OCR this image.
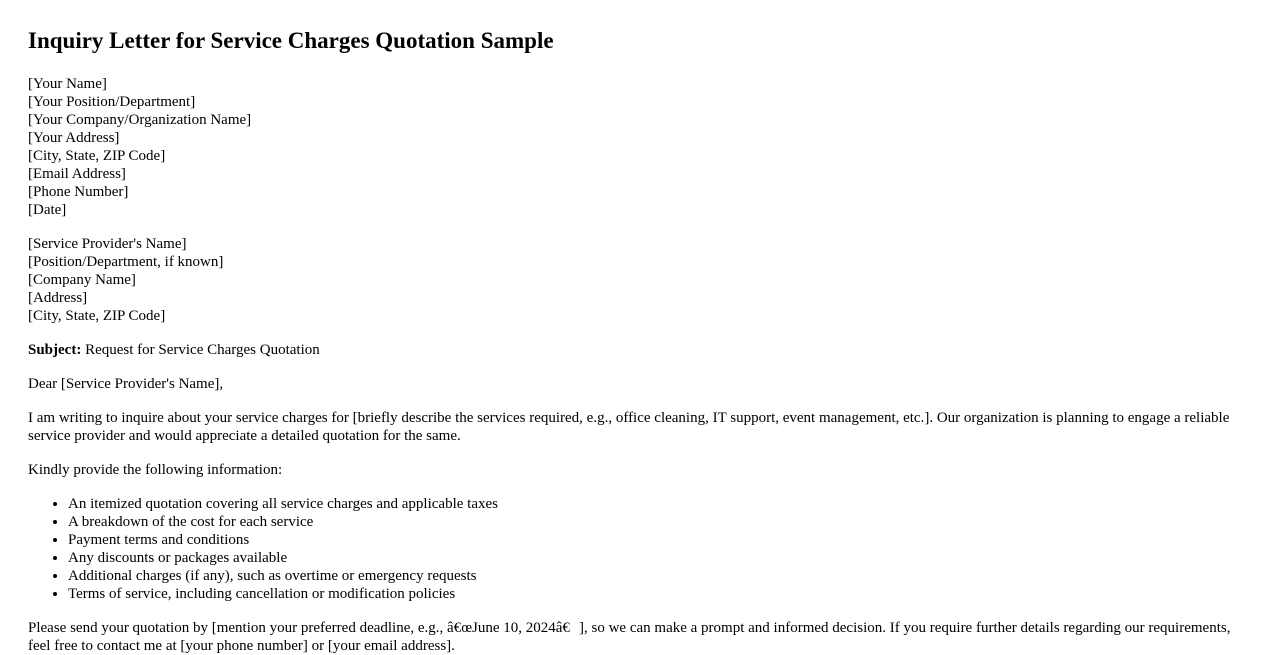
Inquiry Letter for Service Charges Quotation Sample
[Your Name]
[Your Position/Department]
[Your Company/Organization Name]
[Your Address]
[City, State, ZIP Code]
[Email Address]
[Phone Number]
[Date]
[Service Provider's Name]
[Position/Department, if known]
[Company Name]
[Address]
[City, State, ZIP Code]

Subject: Request for Service Charges Quotation

Dear [Service Provider's Name],

I am writing to inquire about your service charges for [briefly describe the services required, e.g., office cleaning, IT support, event management, etc.]. Our organization is planning to engage a reliable service provider and would appreciate a detailed quotation for the same.

Kindly provide the following information:

• An itemized quotation covering all service charges and applicable taxes
• A breakdown of the cost for each service
• Payment terms and conditions
• Any discounts or packages available
• Additional charges (if any), such as overtime or emergency requests
• Terms of service, including cancellation or modification policies

Please send your quotation by [mention your preferred deadline, e.g., â€œJune 10, 2024â€], so we can make a prompt and informed decision. If you require further details regarding our requirements, feel free to contact me at [your phone number] or [your email address].
